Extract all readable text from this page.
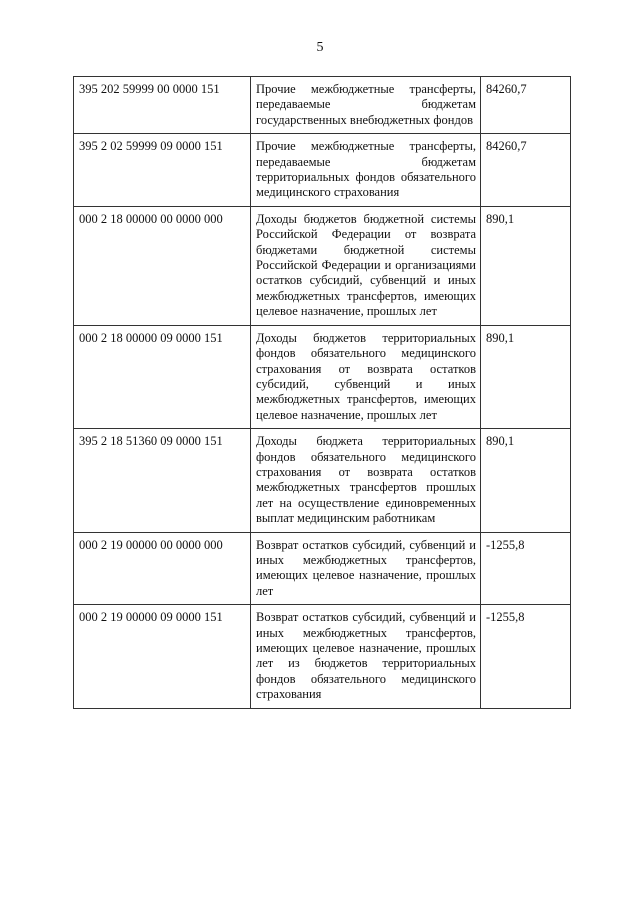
5
395 202 59999 00 0000 151	Прочие межбюджетные трансферты, передаваемые бюджетам государственных внебюджетных фондов	84260,7
395 2 02 59999 09 0000 151	Прочие межбюджетные трансферты, передаваемые бюджетам территориальных фондов обязательного медицинского страхования	84260,7
000 2 18 00000 00 0000 000	Доходы бюджетов бюджетной системы Российской Федерации от возврата бюджетами бюджетной системы Российской Федерации и организациями остатков субсидий, субвенций и иных межбюджетных трансфертов, имеющих целевое назначение, прошлых лет	890,1
000 2 18 00000 09 0000 151	Доходы бюджетов территориальных фондов обязательного медицинского страхования от возврата остатков субсидий, субвенций и иных межбюджетных трансфертов, имеющих целевое назначение, прошлых лет	890,1
395 2 18 51360 09 0000 151	Доходы бюджета территориальных фондов обязательного медицинского страхования от возврата остатков межбюджетных трансфертов прошлых лет на осуществление единовременных выплат медицинским работникам	890,1
000 2 19 00000 00 0000 000	Возврат остатков субсидий, субвенций и иных межбюджетных трансфертов, имеющих целевое назначение, прошлых лет	-1255,8
000 2 19 00000 09 0000 151	Возврат остатков субсидий, субвенций и иных межбюджетных трансфертов, имеющих целевое назначение, прошлых лет из бюджетов территориальных фондов обязательного медицинского страхования	-1255,8
